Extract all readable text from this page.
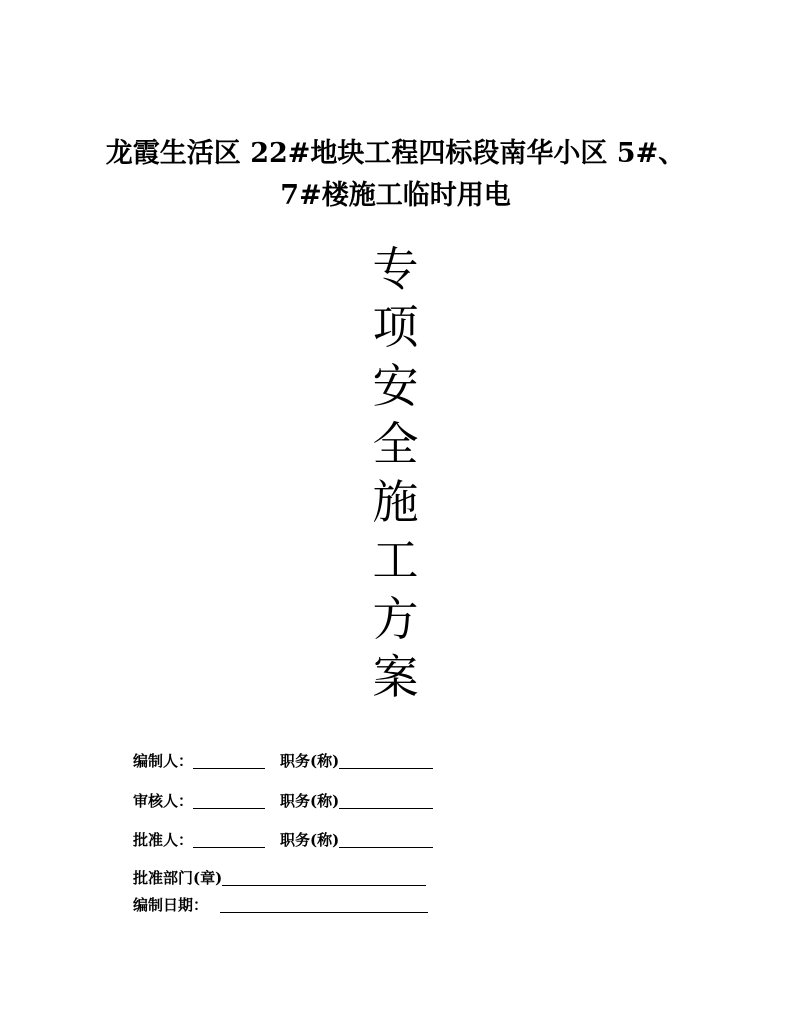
龙霞生活区 22#地块工程四标段南华小区 5#、
7#楼施工临时用电
专
项
安
全
施
工
方
案
编制人：	职务(称)
审核人：	职务(称)
批准人：	职务(称)
批准部门(章)
编制日期：
